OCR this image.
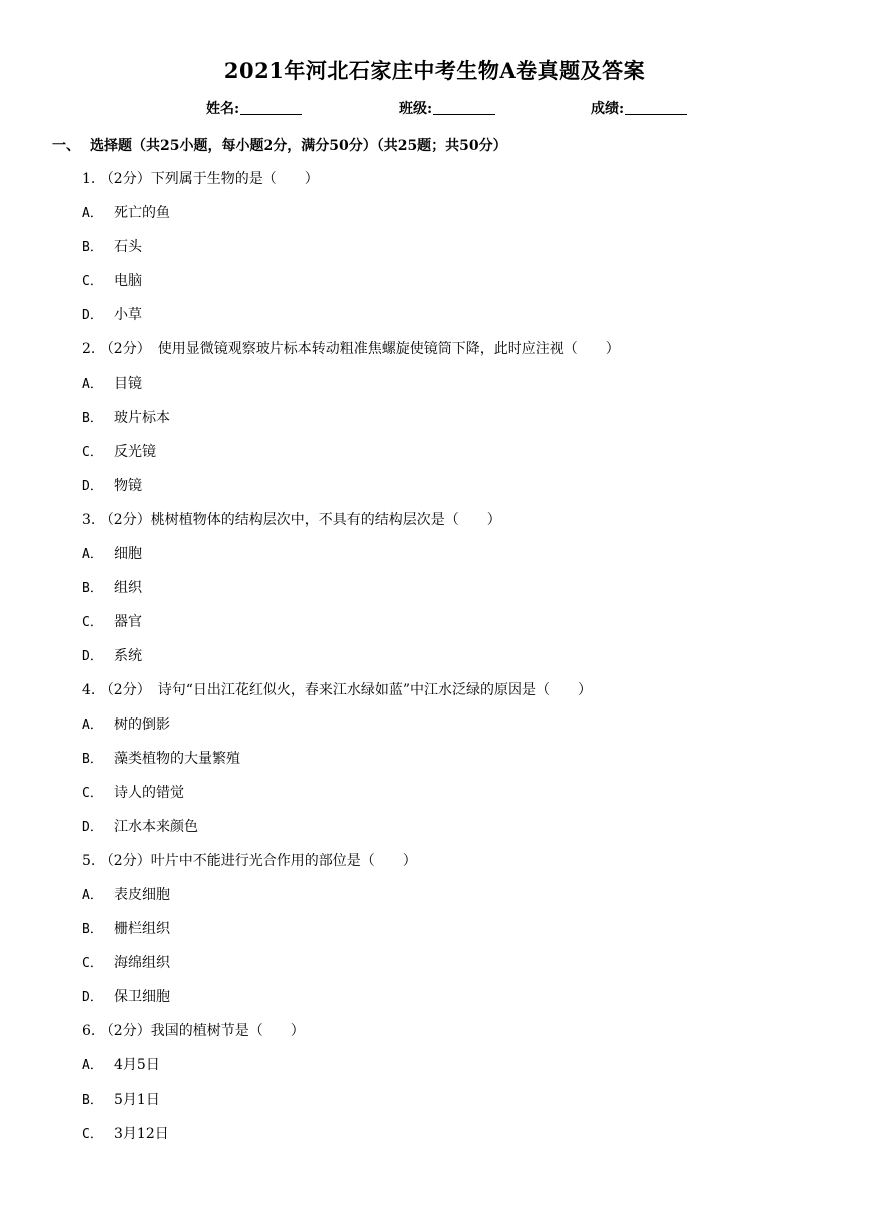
2021年河北石家庄中考生物A卷真题及答案
姓名:	班级:	成绩:
一、 选择题（共25小题，每小题2分，满分50分）（共25题；共50分）
1. （2分）下列属于生物的是（　　）
A． 死亡的鱼
B． 石头
C． 电脑
D． 小草
2. （2分）　使用显微镜观察玻片标本转动粗准焦螺旋使镜筒下降，此时应注视（　　）
A． 目镜
B． 玻片标本
C． 反光镜
D． 物镜
3. （2分）桃树植物体的结构层次中，不具有的结构层次是（　　）
A． 细胞
B． 组织
C． 器官
D． 系统
4. （2分）　诗句“日出江花红似火，春来江水绿如蓝”中江水泛绿的原因是（　　）
A． 树的倒影
B． 藻类植物的大量繁殖
C． 诗人的错觉
D． 江水本来颜色
5. （2分）叶片中不能进行光合作用的部位是（　　）
A． 表皮细胞
B． 栅栏组织
C． 海绵组织
D． 保卫细胞
6. （2分）我国的植树节是（　　）
A． 4月5日
B． 5月1日
C． 3月12日
